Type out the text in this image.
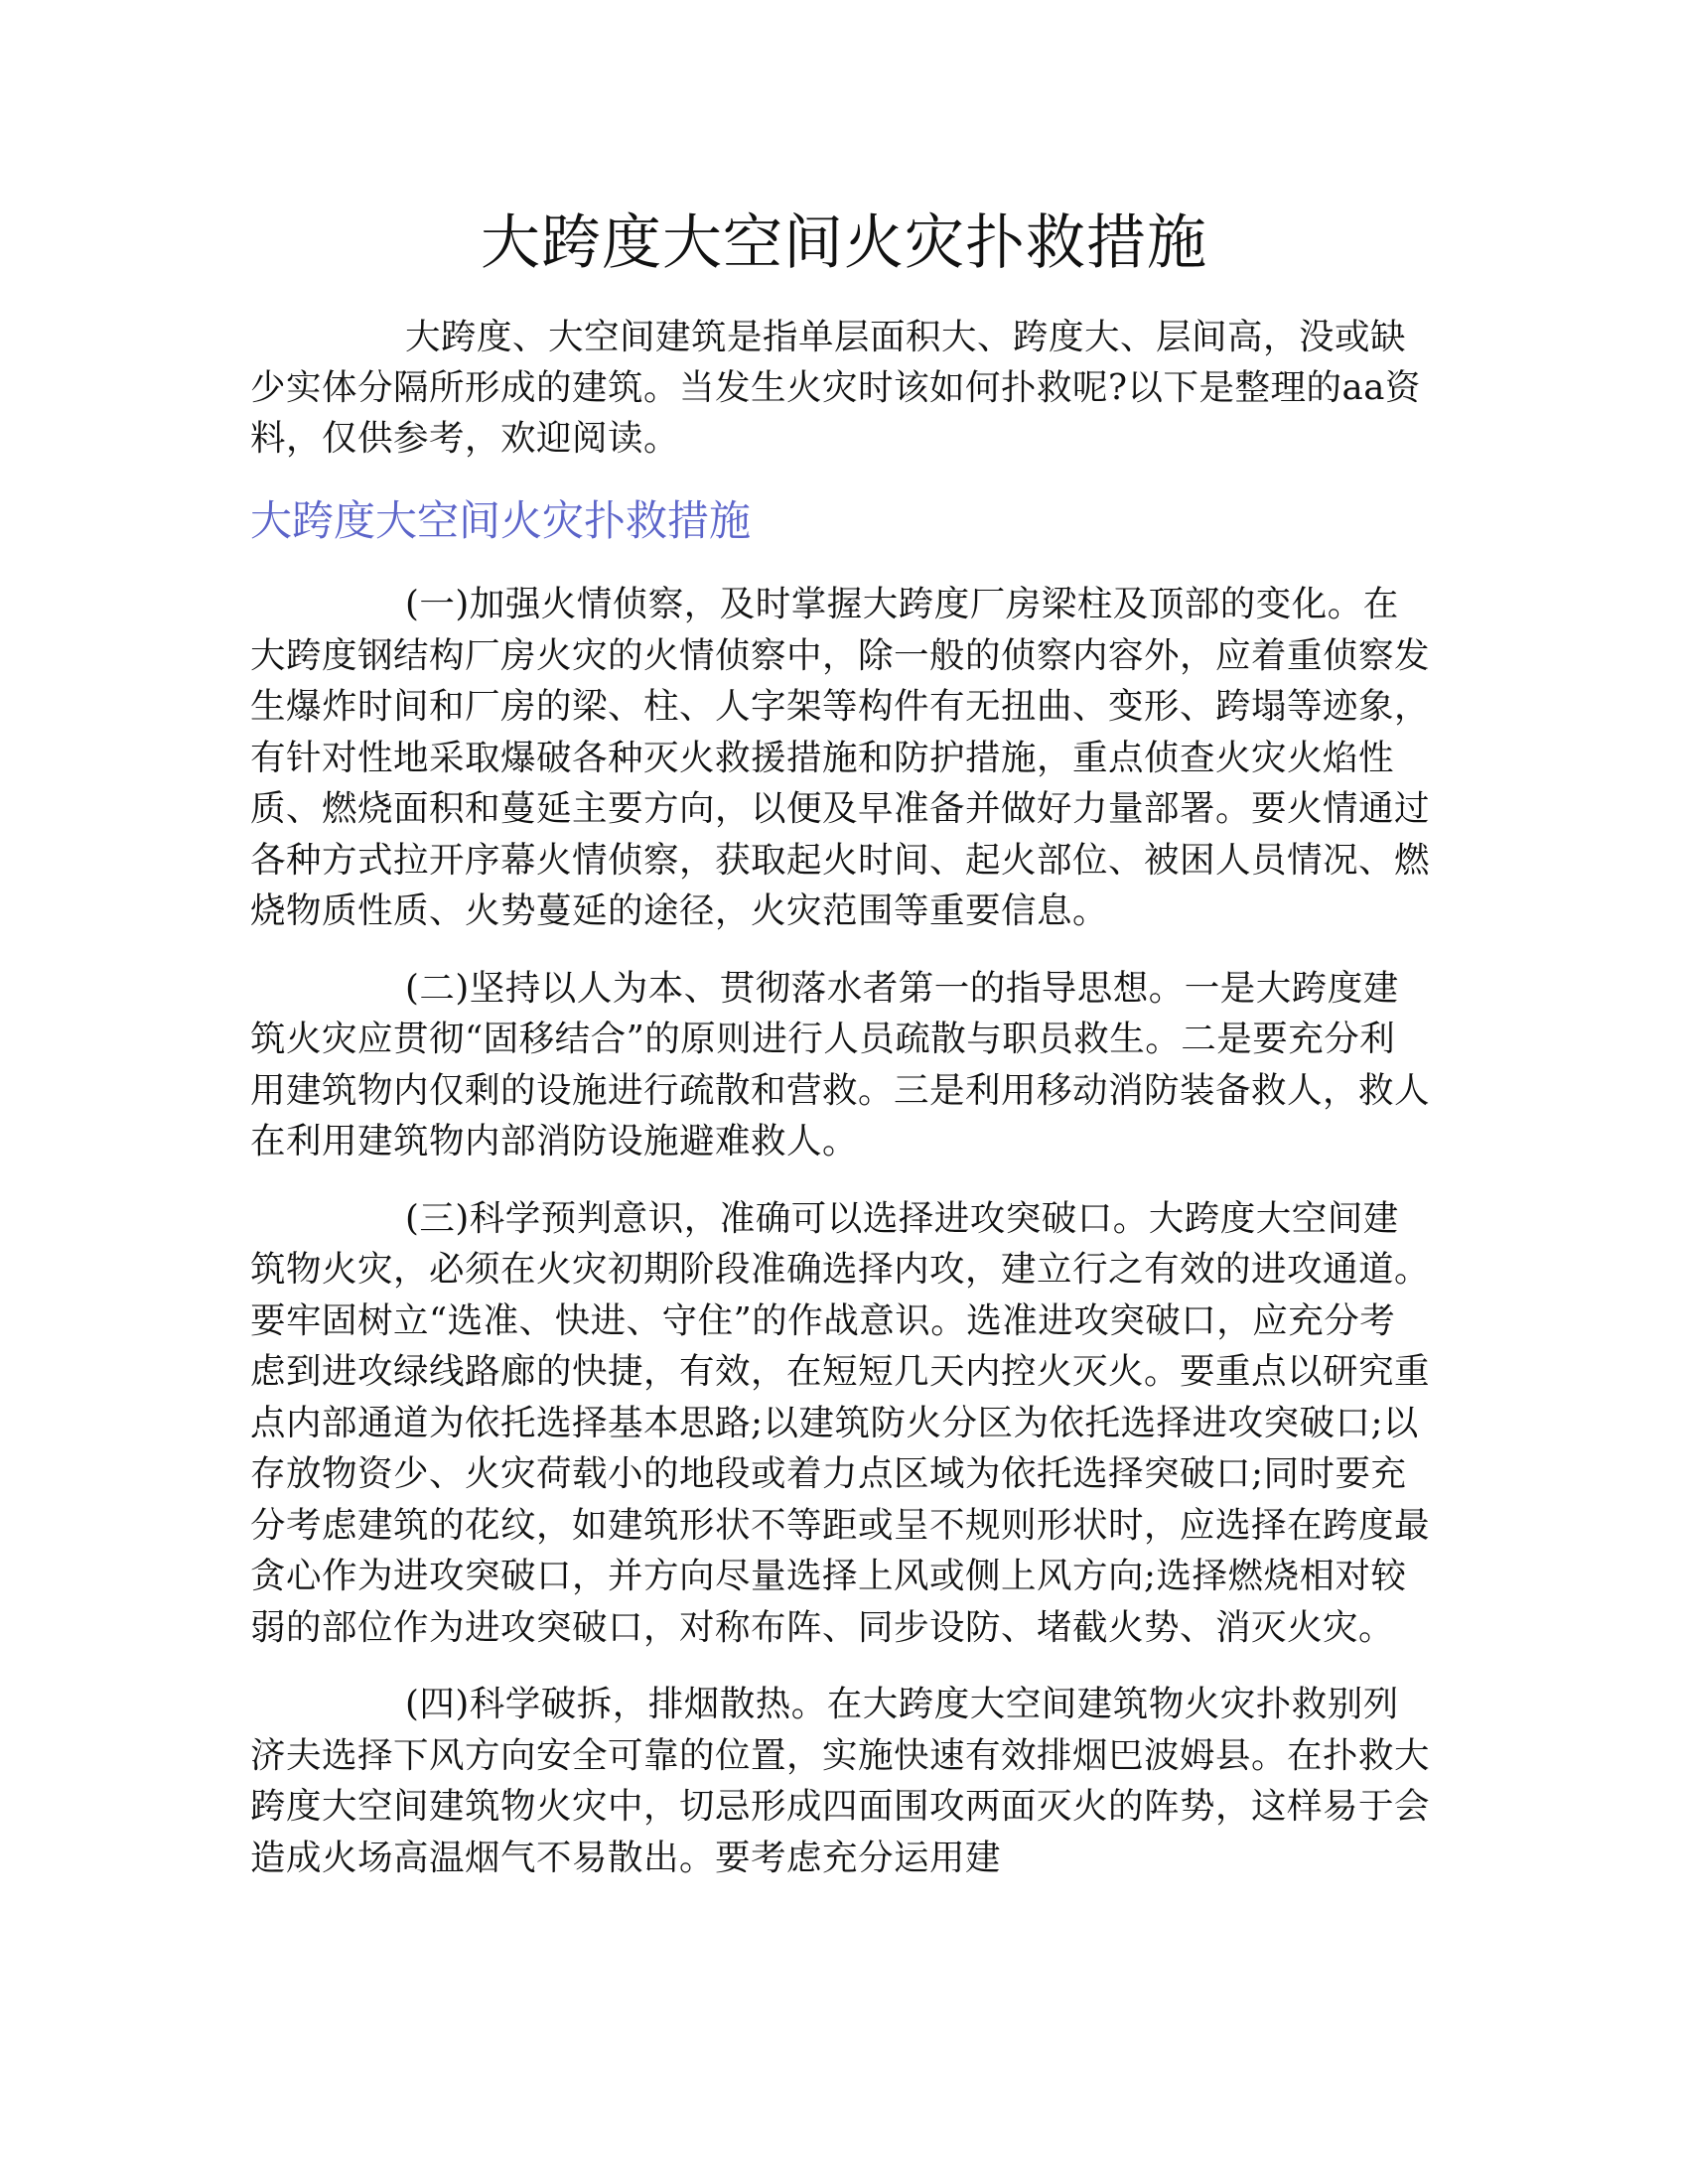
大跨度大空间火灾扑救措施

大跨度、大空间建筑是指单层面积大、跨度大、层间高，没或缺少实体分隔所形成的建筑。当发生火灾时该如何扑救呢?以下是整理的aa资料，仅供参考，欢迎阅读。

大跨度大空间火灾扑救措施

(一)加强火情侦察，及时掌握大跨度厂房梁柱及顶部的变化。在大跨度钢结构厂房火灾的火情侦察中，除一般的侦察内容外，应着重侦察发生爆炸时间和厂房的梁、柱、人字架等构件有无扭曲、变形、跨塌等迹象，有针对性地采取爆破各种灭火救援措施和防护措施，重点侦查火灾火焰性质、燃烧面积和蔓延主要方向，以便及早准备并做好力量部署。要火情通过各种方式拉开序幕火情侦察，获取起火时间、起火部位、被困人员情况、燃烧物质性质、火势蔓延的途径，火灾范围等重要信息。

(二)坚持以人为本、贯彻落水者第一的指导思想。一是大跨度建筑火灾应贯彻“固移结合”的原则进行人员疏散与职员救生。二是要充分利用建筑物内仅剩的设施进行疏散和营救。三是利用移动消防装备救人，救人在利用建筑物内部消防设施避难救人。

(三)科学预判意识，准确可以选择进攻突破口。大跨度大空间建筑物火灾，必须在火灾初期阶段准确选择内攻，建立行之有效的进攻通道。要牢固树立“选准、快进、守住”的作战意识。选准进攻突破口，应充分考虑到进攻绿线路廊的快捷，有效，在短短几天内控火灭火。要重点以研究重点内部通道为依托选择基本思路;以建筑防火分区为依托选择进攻突破口;以存放物资少、火灾荷载小的地段或着力点区域为依托选择突破口;同时要充分考虑建筑的花纹，如建筑形状不等距或呈不规则形状时，应选择在跨度最贪心作为进攻突破口，并方向尽量选择上风或侧上风方向;选择燃烧相对较弱的部位作为进攻突破口，对称布阵、同步设防、堵截火势、消灭火灾。

(四)科学破拆，排烟散热。在大跨度大空间建筑物火灾扑救别列济夫选择下风方向安全可靠的位置，实施快速有效排烟巴波姆县。在扑救大跨度大空间建筑物火灾中，切忌形成四面围攻两面灭火的阵势，这样易于会造成火场高温烟气不易散出。要考虑充分运用建
